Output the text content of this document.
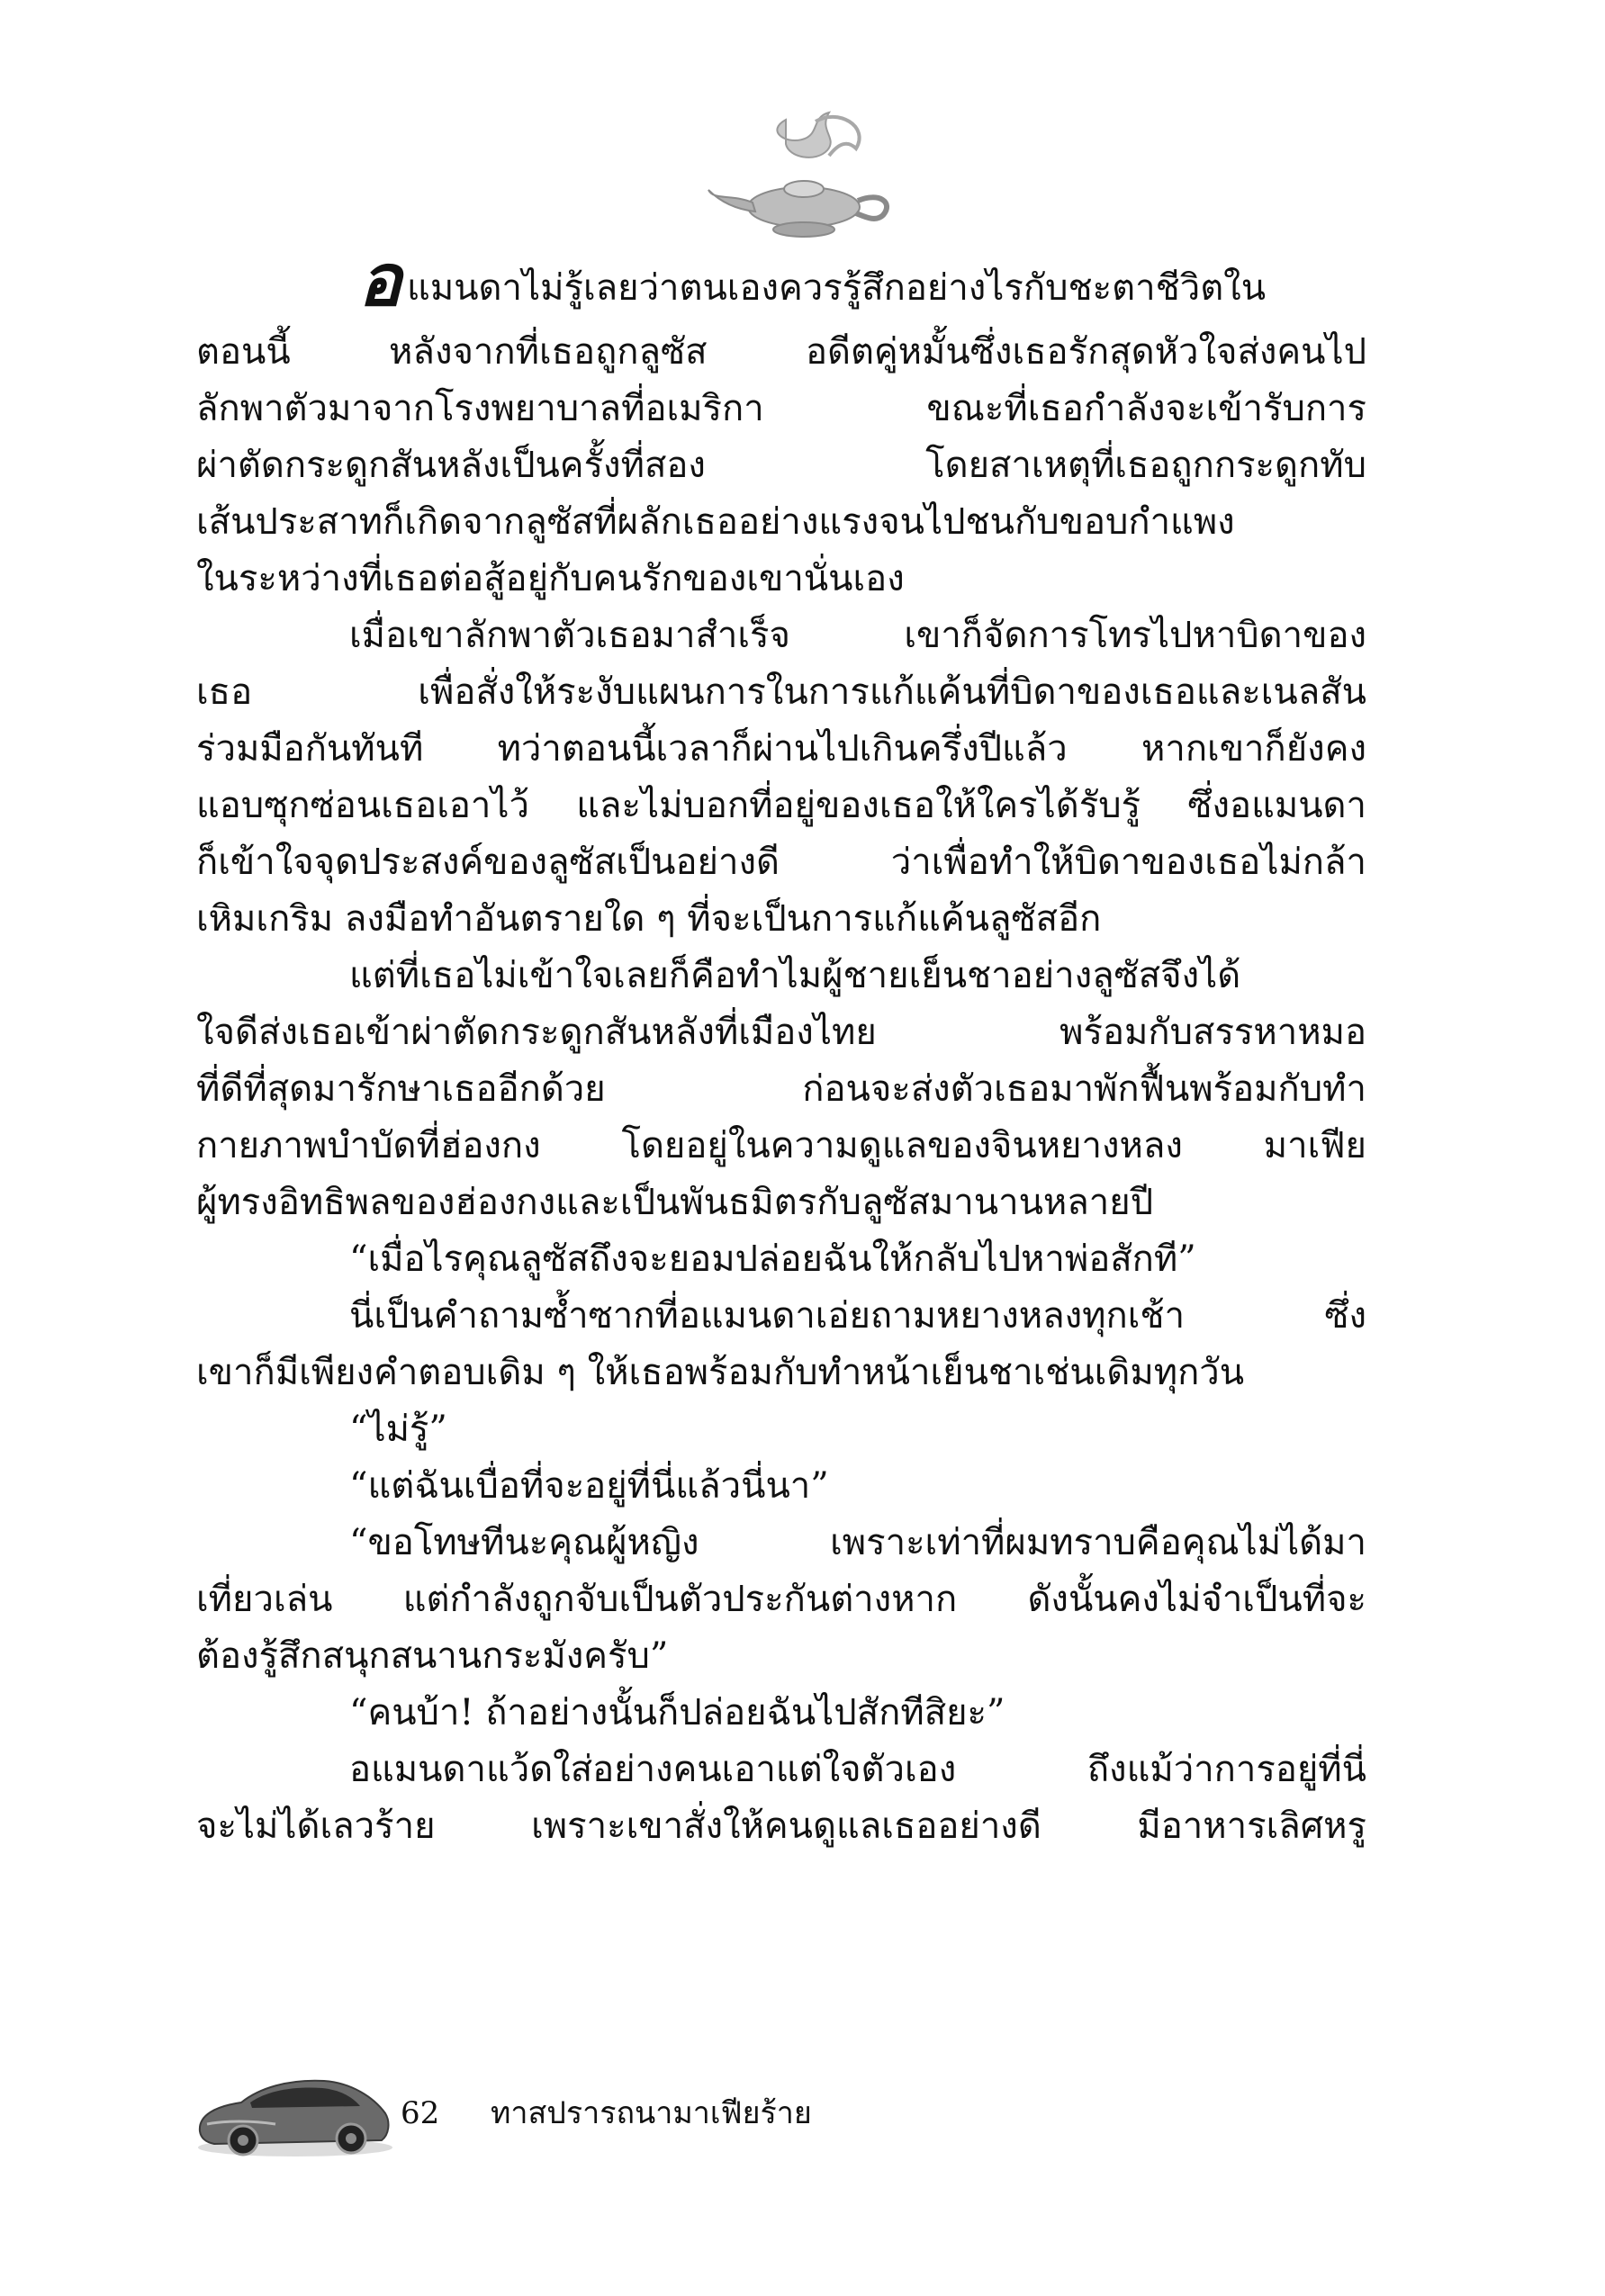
อแมนดาไม่รู้เลยว่าตนเองควรรู้สึกอย่างไรกับชะตาชีวิตใน
ตอนนี้ หลังจากที่เธอถูกลูซัส อดีตคู่หมั้นซึ่งเธอรักสุดหัวใจส่งคนไป
ลักพาตัวมาจากโรงพยาบาลที่อเมริกา ขณะที่เธอกำลังจะเข้ารับการ
ผ่าตัดกระดูกสันหลังเป็นครั้งที่สอง โดยสาเหตุที่เธอถูกกระดูกทับ
เส้นประสาทก็เกิดจากลูซัสที่ผลักเธออย่างแรงจนไปชนกับขอบกำแพง
ในระหว่างที่เธอต่อสู้อยู่กับคนรักของเขานั่นเอง
เมื่อเขาลักพาตัวเธอมาสำเร็จ เขาก็จัดการโทรไปหาบิดาของ
เธอ เพื่อสั่งให้ระงับแผนการในการแก้แค้นที่บิดาของเธอและเนลสัน
ร่วมมือกันทันที ทว่าตอนนี้เวลาก็ผ่านไปเกินครึ่งปีแล้ว หากเขาก็ยังคง
แอบซุกซ่อนเธอเอาไว้ และไม่บอกที่อยู่ของเธอให้ใครได้รับรู้ ซึ่งอแมนดา
ก็เข้าใจจุดประสงค์ของลูซัสเป็นอย่างดี ว่าเพื่อทำให้บิดาของเธอไม่กล้า
เหิมเกริม ลงมือทำอันตรายใด ๆ ที่จะเป็นการแก้แค้นลูซัสอีก
แต่ที่เธอไม่เข้าใจเลยก็คือทำไมผู้ชายเย็นชาอย่างลูซัสจึงได้
ใจดีส่งเธอเข้าผ่าตัดกระดูกสันหลังที่เมืองไทย พร้อมกับสรรหาหมอ
ที่ดีที่สุดมารักษาเธออีกด้วย ก่อนจะส่งตัวเธอมาพักฟื้นพร้อมกับทำ
กายภาพบำบัดที่ฮ่องกง โดยอยู่ในความดูแลของจินหยางหลง มาเฟีย
ผู้ทรงอิทธิพลของฮ่องกงและเป็นพันธมิตรกับลูซัสมานานหลายปี
“เมื่อไรคุณลูซัสถึงจะยอมปล่อยฉันให้กลับไปหาพ่อสักที”
นี่เป็นคำถามซ้ำซากที่อแมนดาเอ่ยถามหยางหลงทุกเช้า ซึ่ง
เขาก็มีเพียงคำตอบเดิม ๆ ให้เธอพร้อมกับทำหน้าเย็นชาเช่นเดิมทุกวัน
“ไม่รู้”
“แต่ฉันเบื่อที่จะอยู่ที่นี่แล้วนี่นา”
“ขอโทษทีนะคุณผู้หญิง เพราะเท่าที่ผมทราบคือคุณไม่ได้มา
เที่ยวเล่น แต่กำลังถูกจับเป็นตัวประกันต่างหาก ดังนั้นคงไม่จำเป็นที่จะ
ต้องรู้สึกสนุกสนานกระมังครับ”
“คนบ้า! ถ้าอย่างนั้นก็ปล่อยฉันไปสักทีสิยะ”
อแมนดาแว้ดใส่อย่างคนเอาแต่ใจตัวเอง ถึงแม้ว่าการอยู่ที่นี่
จะไม่ได้เลวร้าย เพราะเขาสั่งให้คนดูแลเธออย่างดี มีอาหารเลิศหรู
62 ทาสปรารถนามาเฟียร้าย
